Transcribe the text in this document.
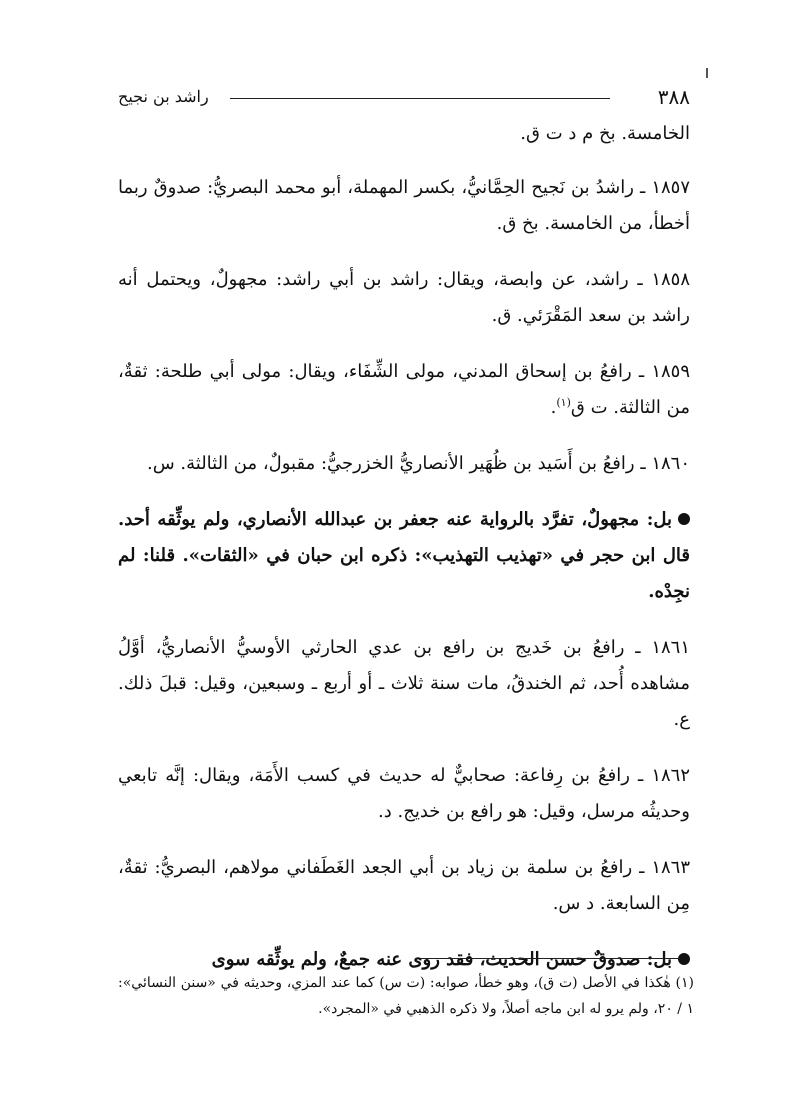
٣٨٨
راشد بن نجيح

الخامسة. بخ م د ت ق.

١٨٥٧ ـ راشدُ بن نَجيح الحِمَّانيُّ، بكسر المهملة، أبو محمد البصريُّ: صدوقٌ ربما أخطأ، من الخامسة. بخ ق.

١٨٥٨ ـ راشد، عن وابصة، ويقال: راشد بن أبي راشد: مجهولٌ، ويحتمل أنه راشد بن سعد المَقْرَئي. ق.

١٨٥٩ ـ رافعُ بن إسحاق المدني، مولى الشِّفَاء، ويقال: مولى أبي طلحة: ثقةٌ، من الثالثة. ت ق$^{(١)}$.

١٨٦٠ ـ رافعُ بن أَسَيد بن ظُهَير الأنصاريُّ الخزرجيُّ: مقبولٌ، من الثالثة. س.

بل: مجهولٌ، تفرَّد بالرواية عنه جعفر بن عبدالله الأنصاري، ولم يوثِّقه أحد. قال ابن حجر في «تهذيب التهذيب»: ذكره ابن حبان في «الثقات». قلنا: لم نجِدْه.

١٨٦١ ـ رافعُ بن خَديج بن رافع بن عدي الحارثي الأوسيُّ الأنصاريُّ، أوَّلُ مشاهده أُحد، ثم الخندقُ، مات سنة ثلاث ـ أو أربع ـ وسبعين، وقيل: قبلَ ذلك. ع.

١٨٦٢ ـ رافعُ بن رِفاعة: صحابيٌّ له حديث في كسب الأَمَة، ويقال: إنَّه تابعي وحديثُه مرسل، وقيل: هو رافع بن خديج. د.

١٨٦٣ ـ رافعُ بن سلمة بن زياد بن أبي الجعد الغَطَفاني مولاهم، البصريُّ: ثقةٌ، مِن السابعة. د س.

بل: صدوقٌ حسن الحديث، فقد روى عنه جمعٌ، ولم يوثِّقه سوى

(١) هٰكذا في الأصل (ت ق)، وهو خطأ، صوابه: (ت س) كما عند المزي، وحديثه في «سنن النسائي»: ١ / ٢٠، ولم يرو له ابن ماجه أصلاً، ولا ذكره الذهبي في «المجرد».
